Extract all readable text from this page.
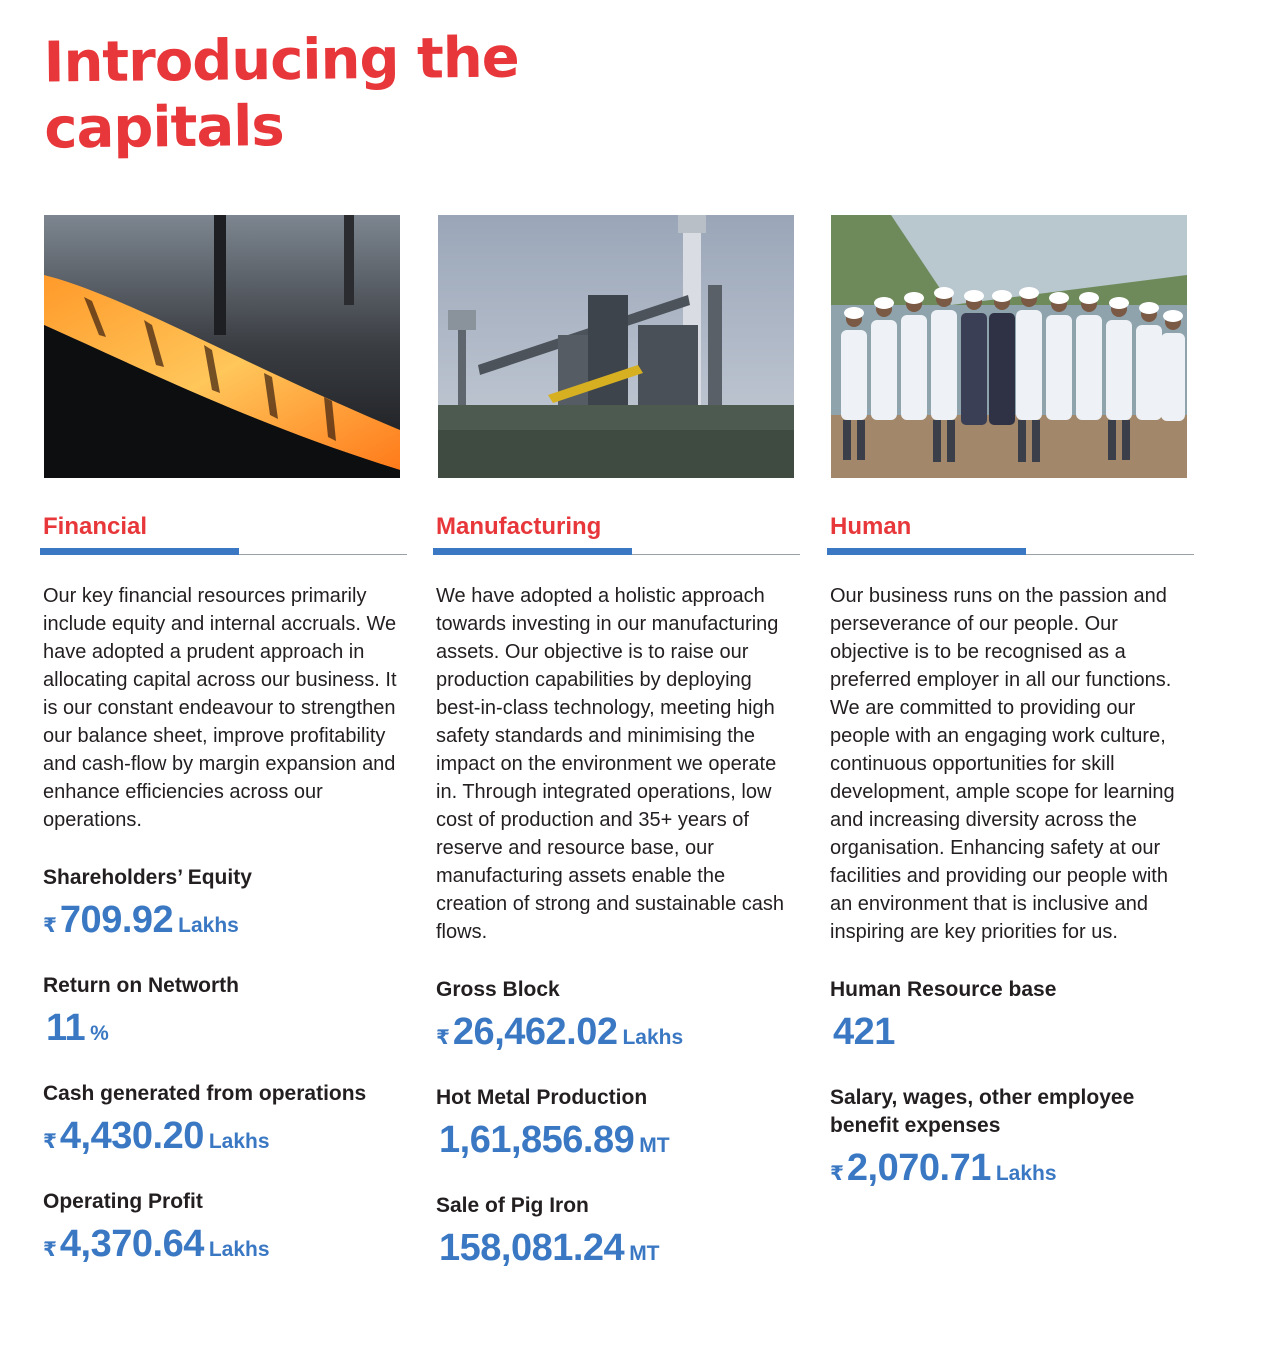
Introducing the
capitals
Financial

Our key financial resources primarily include equity and internal accruals. We have adopted a prudent approach in allocating capital across our business. It is our constant endeavour to strengthen our balance sheet, improve profitability and cash-flow by margin expansion and enhance efficiencies across our operations.

Shareholders’ Equity
₹709.92 Lakhs
Return on Networth
11 %
Cash generated from operations
₹4,430.20 Lakhs
Operating Profit
₹4,370.64 Lakhs
Manufacturing

We have adopted a holistic approach towards investing in our manufacturing assets. Our objective is to raise our production capabilities by deploying best-in-class technology, meeting high safety standards and minimising the impact on the environment we operate in. Through integrated operations, low cost of production and 35+ years of reserve and resource base, our manufacturing assets enable the creation of strong and sustainable cash flows.

Gross Block
₹26,462.02 Lakhs
Hot Metal Production
1,61,856.89 MT
Sale of Pig Iron
158,081.24 MT
Human

Our business runs on the passion and perseverance of our people. Our objective is to be recognised as a preferred employer in all our functions. We are committed to providing our people with an engaging work culture, continuous opportunities for skill development, ample scope for learning and increasing diversity across the organisation. Enhancing safety at our facilities and providing our people with an environment that is inclusive and inspiring are key priorities for us.

Human Resource base
421
Salary, wages, other employee benefit expenses
₹2,070.71 Lakhs
